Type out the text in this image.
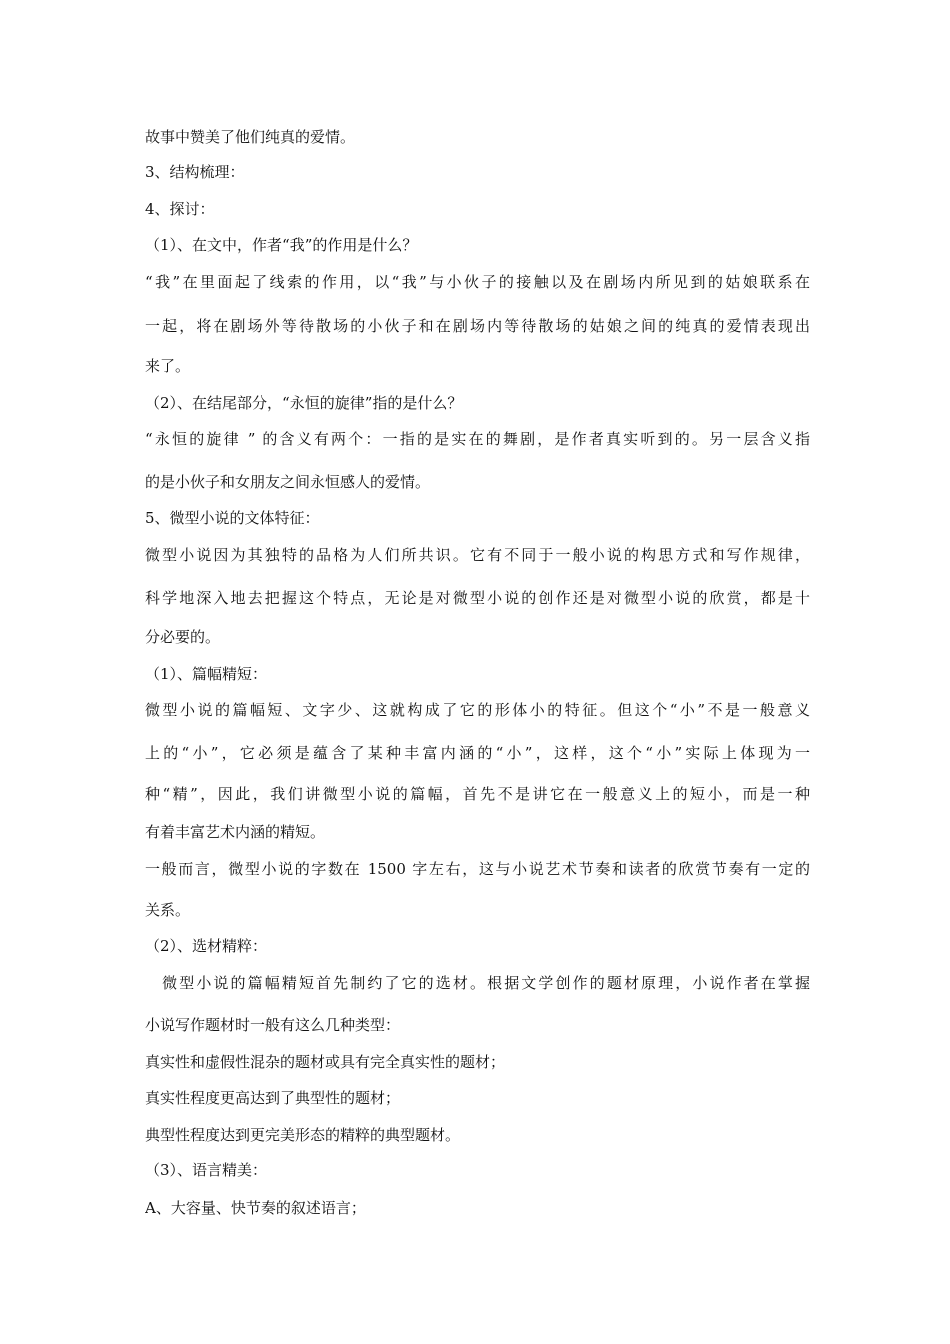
故事中赞美了他们纯真的爱情。
3、结构梳理：
4、探讨：
（1）、在文中，作者“我”的作用是什么？
“我”在里面起了线索的作用，以“我”与小伙子的接触以及在剧场内所见到的姑娘联系在
一起，将在剧场外等待散场的小伙子和在剧场内等待散场的姑娘之间的纯真的爱情表现出
来了。
（2）、在结尾部分，“永恒的旋律”指的是什么？
“永恒的旋律 ” 的含义有两个：一指的是实在的舞剧，是作者真实听到的。另一层含义指
的是小伙子和女朋友之间永恒感人的爱情。
5、微型小说的文体特征：
微型小说因为其独特的品格为人们所共识。它有不同于一般小说的构思方式和写作规律，
科学地深入地去把握这个特点，无论是对微型小说的创作还是对微型小说的欣赏，都是十
分必要的。
（1）、篇幅精短：
微型小说的篇幅短、文字少、这就构成了它的形体小的特征。但这个“小”不是一般意义
上的“小”，它必须是蕴含了某种丰富内涵的“小”，这样，这个“小”实际上体现为一
种“精”，因此，我们讲微型小说的篇幅，首先不是讲它在一般意义上的短小，而是一种
有着丰富艺术内涵的精短。
一般而言，微型小说的字数在 1500 字左右，这与小说艺术节奏和读者的欣赏节奏有一定的
关系。
（2）、选材精粹：
　微型小说的篇幅精短首先制约了它的选材。根据文学创作的题材原理，小说作者在掌握
小说写作题材时一般有这么几种类型：
真实性和虚假性混杂的题材或具有完全真实性的题材；
真实性程度更高达到了典型性的题材；
典型性程度达到更完美形态的精粹的典型题材。
（3）、语言精美：
A、大容量、快节奏的叙述语言；
